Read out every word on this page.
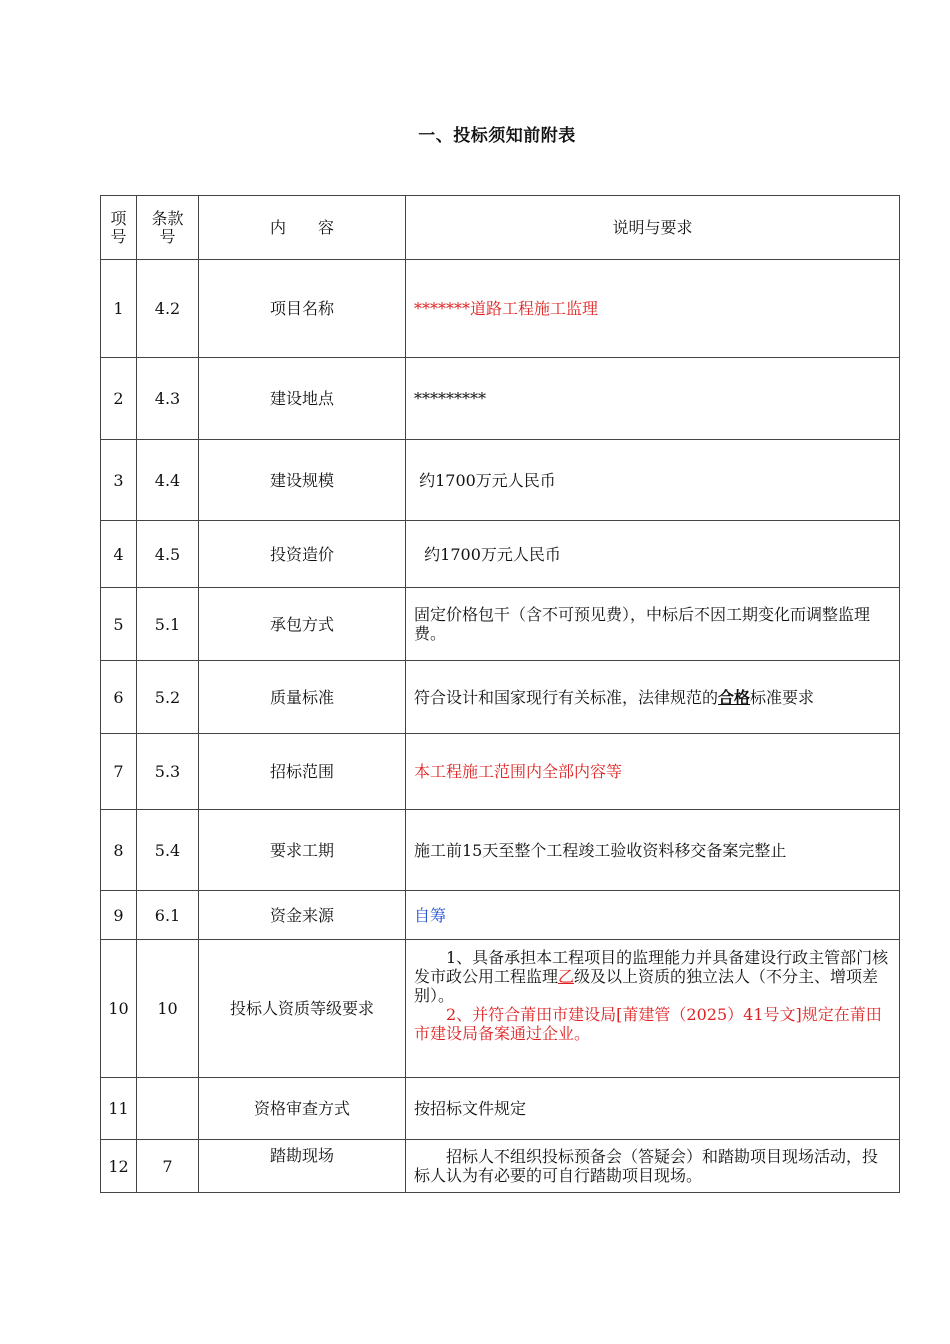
一、投标须知前附表
项号	条款号	内　　容	说明与要求
1	4.2	项目名称	*******道路工程施工监理
2	4.3	建设地点	*********
3	4.4	建设规模	约1700万元人民币
4	4.5	投资造价	约1700万元人民币
5	5.1	承包方式	固定价格包干（含不可预见费），中标后不因工期变化而调整监理费。
6	5.2	质量标准	符合设计和国家现行有关标准，法律规范的合格标准要求
7	5.3	招标范围	本工程施工范围内全部内容等
8	5.4	要求工期	施工前15天至整个工程竣工验收资料移交备案完整止
9	6.1	资金来源	自筹
10	10	投标人资质等级要求	1、具备承担本工程项目的监理能力并具备建设行政主管部门核发市政公用工程监理乙级及以上资质的独立法人（不分主、增项差别）。
2、并符合莆田市建设局[莆建管（2025）41号文]规定在莆田市建设局备案通过企业。

11		资格审查方式	按招标文件规定
12	7	踏勘现场	招标人不组织投标预备会（答疑会）和踏勘项目现场活动，投标人认为有必要的可自行踏勘项目现场。
